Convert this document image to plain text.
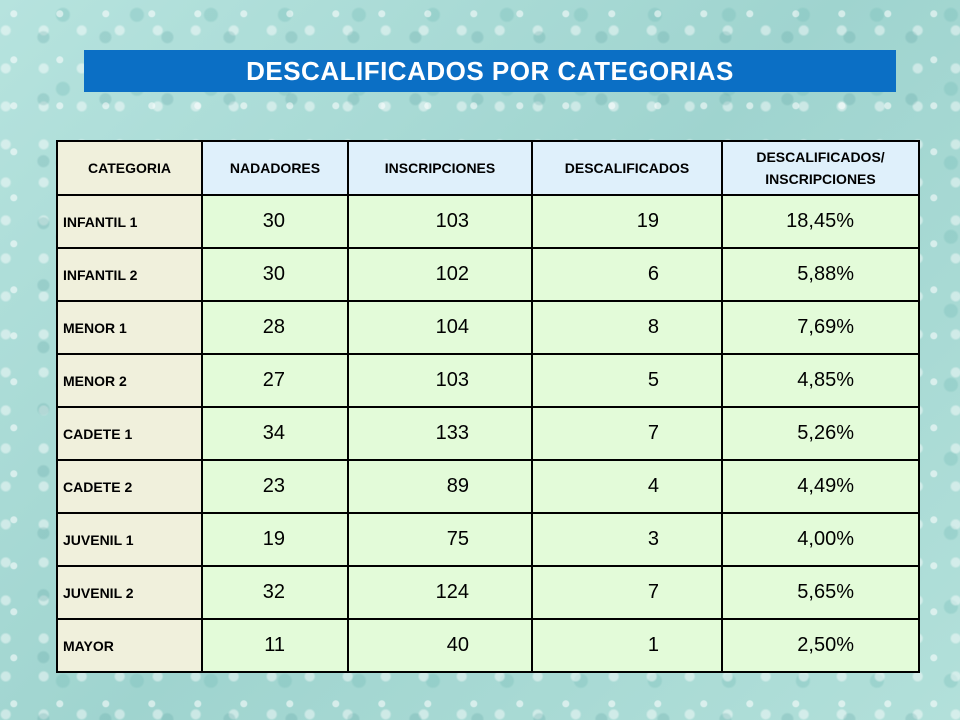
DESCALIFICADOS POR CATEGORIAS
CATEGORIA	NADADORES	INSCRIPCIONES	DESCALIFICADOS	DESCALIFICADOS/
INSCRIPCIONES

INFANTIL 1	30	103	19	18,45%
INFANTIL 2	30	102	6	5,88%
MENOR 1	28	104	8	7,69%
MENOR 2	27	103	5	4,85%
CADETE 1	34	133	7	5,26%
CADETE 2	23	89	4	4,49%
JUVENIL 1	19	75	3	4,00%
JUVENIL 2	32	124	7	5,65%
MAYOR	11	40	1	2,50%
